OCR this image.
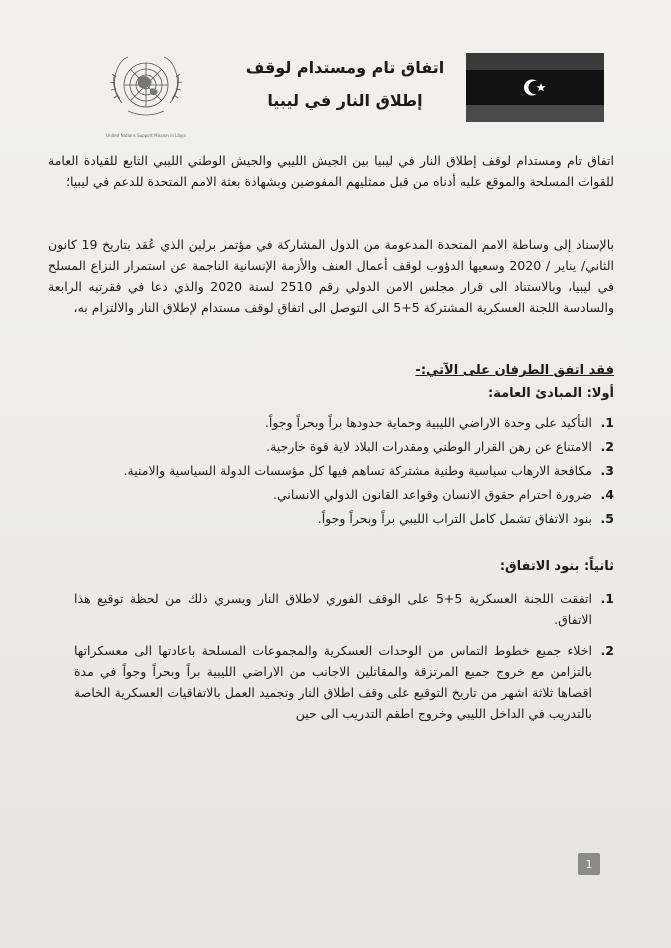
United Nations Support Mission in Libya
اتفاق تام ومستدام لوقف
إطلاق النار في ليبيا

اتفاق تام ومستدام لوقف إطلاق النار في ليبيا بين الجيش الليبي والجيش الوطني الليبي التابع للقيادة العامة للقوات المسلحة والموقع عليه أدناه من قبل ممثليهم المفوضين وبشهادة بعثة الامم المتحدة للدعم في ليبيا؛

بالإسناد إلى وساطة الامم المتحدة المدعومة من الدول المشاركة في مؤتمر برلين الذي عُقد بتاريخ 19 كانون الثاني/ يناير / 2020 وسعيها الدؤوب لوقف أعمال العنف والأزمة الإنسانية الناجمة عن استمرار النزاع المسلح في ليبيا، وبالاستناد الى قرار مجلس الامن الدولي رقم 2510 لسنة 2020 والذي دعا في فقرتيه الرابعة والسادسة اللجنة العسكرية المشتركة 5+5 الى التوصل الى اتفاق لوقف مستدام لإطلاق النار والالتزام به،

فقد اتفق الطرفان على الآتي:-

أولا: المبادئ العامة:
1.
التأكيد على وحدة الاراضي الليبية وحماية حدودها براً وبحراً وجواً.
2.
الامتناع عن رهن القرار الوطني ومقدرات البلاد لاية قوة خارجية.
3.
مكافحة الارهاب سياسية وطنية مشتركة تساهم فيها كل مؤسسات الدولة السياسية والامنية.
4.
ضرورة احترام حقوق الانسان وقواعد القانون الدولي الانساني.
5.
بنود الاتفاق تشمل كامل التراب الليبي براً وبحراً وجواً.
ثانياً: بنود الاتفاق:
1.
اتفقت اللجنة العسكرية 5+5 على الوقف الفوري لاطلاق النار ويسري ذلك من لحظة توقيع هذا الاتفاق.
2.
اخلاء جميع خطوط التماس من الوحدات العسكرية والمجموعات المسلحة باعادتها الى معسكراتها بالتزامن مع خروج جميع المرتزقة والمقاتلين الاجانب من الاراضي الليبية براً وبحراً وجواً في مدة اقصاها ثلاثة اشهر من تاريخ التوقيع على وقف اطلاق النار وتجميد العمل بالاتفاقيات العسكرية الخاصة بالتدريب في الداخل الليبي وخروج اطقم التدريب الى حين
1
